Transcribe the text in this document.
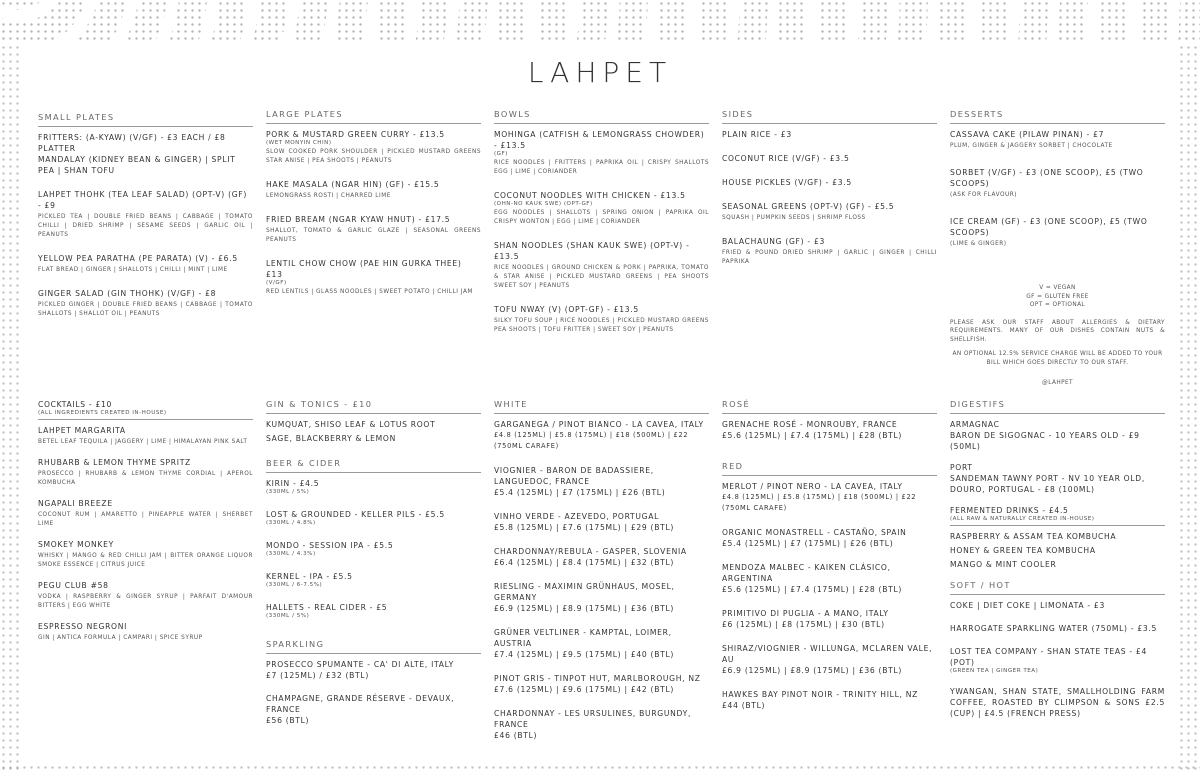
LAHPET
SMALL PLATES
FRITTERS: (A-KYAW) (V/GF) - £3 EACH / £8 PLATTER
MANDALAY (KIDNEY BEAN & GINGER) | SPLIT PEA | SHAN TOFU
LAHPET THOHK (TEA LEAF SALAD) (OPT-V) (GF) - £9
PICKLED TEA | DOUBLE FRIED BEANS | CABBAGE | TOMATO CHILLI | DRIED SHRIMP | SESAME SEEDS | GARLIC OIL | PEANUTS
YELLOW PEA PARATHA (PE PARATA) (V) - £6.5
FLAT BREAD | GINGER | SHALLOTS | CHILLI | MINT | LIME
GINGER SALAD (GIN THOHK) (V/GF) - £8
PICKLED GINGER | DOUBLE FRIED BEANS | CABBAGE | TOMATO SHALLOTS | SHALLOT OIL | PEANUTS
LARGE PLATES
PORK & MUSTARD GREEN CURRY - £13.5
(WET MONYIN CHIN)
SLOW COOKED PORK SHOULDER | PICKLED MUSTARD GREENS STAR ANISE | PEA SHOOTS | PEANUTS
HAKE MASALA (NGAR HIN) (GF) - £15.5
LEMONGRASS ROSTI | CHARRED LIME
FRIED BREAM (NGAR KYAW HNUT) - £17.5
SHALLOT, TOMATO & GARLIC GLAZE | SEASONAL GREENS PEANUTS
LENTIL CHOW CHOW (PAE HIN GURKA THEE) £13
(V/GF)
RED LENTILS | GLASS NOODLES | SWEET POTATO | CHILLI JAM
BOWLS
MOHINGA (CATFISH & LEMONGRASS CHOWDER) - £13.5
(GF)
RICE NOODLES | FRITTERS | PAPRIKA OIL | CRISPY SHALLOTS EGG | LIME | CORIANDER
COCONUT NOODLES WITH CHICKEN - £13.5
(OHN-NO KAUK SWE) (OPT-GF)
EGG NOODLES | SHALLOTS | SPRING ONION | PAPRIKA OIL CRISPY WONTON | EGG | LIME | CORIANDER
SHAN NOODLES (SHAN KAUK SWE) (OPT-V) - £13.5
RICE NOODLES | GROUND CHICKEN & PORK | PAPRIKA, TOMATO & STAR ANISE | PICKLED MUSTARD GREENS | PEA SHOOTS SWEET SOY | PEANUTS
TOFU NWAY (V) (OPT-GF) - £13.5
SILKY TOFU SOUP | RICE NOODLES | PICKLED MUSTARD GREENS PEA SHOOTS | TOFU FRITTER | SWEET SOY | PEANUTS
SIDES
PLAIN RICE - £3
COCONUT RICE (V/GF) - £3.5
HOUSE PICKLES (V/GF) - £3.5
SEASONAL GREENS (OPT-V) (GF) - £5.5
SQUASH | PUMPKIN SEEDS | SHRIMP FLOSS
BALACHAUNG (GF) - £3
FRIED & POUND DRIED SHRIMP | GARLIC | GINGER | CHILLI PAPRIKA
DESSERTS
CASSAVA CAKE (PILAW PINAN) - £7
PLUM, GINGER & JAGGERY SORBET | CHOCOLATE
SORBET (V/GF) - £3 (ONE SCOOP), £5 (TWO SCOOPS)
(ASK FOR FLAVOUR)
ICE CREAM (GF) - £3 (ONE SCOOP), £5 (TWO SCOOPS)
(LIME & GINGER)
V = VEGAN
GF = GLUTEN FREE
OPT = OPTIONAL
PLEASE ASK OUR STAFF ABOUT ALLERGIES & DIETARY REQUIREMENTS. MANY OF OUR DISHES CONTAIN NUTS & SHELLFISH.
AN OPTIONAL 12.5% SERVICE CHARGE WILL BE ADDED TO YOUR BILL WHICH GOES DIRECTLY TO OUR STAFF.
@LAHPET
COCKTAILS - £10
(ALL INGREDIENTS CREATED IN-HOUSE)
LAHPET MARGARITA
BETEL LEAF TEQUILA | JAGGERY | LIME | HIMALAYAN PINK SALT
RHUBARB & LEMON THYME SPRITZ
PROSECCO | RHUBARB & LEMON THYME CORDIAL | APEROL KOMBUCHA
NGAPALI BREEZE
COCONUT RUM | AMARETTO | PINEAPPLE WATER | SHERBET LIME
SMOKEY MONKEY
WHISKY | MANGO & RED CHILLI JAM | BITTER ORANGE LIQUOR SMOKE ESSENCE | CITRUS JUICE
PEGU CLUB #58
VODKA | RASPBERRY & GINGER SYRUP | PARFAIT D'AMOUR BITTERS | EGG WHITE
ESPRESSO NEGRONI
GIN | ANTICA FORMULA | CAMPARI | SPICE SYRUP
GIN & TONICS - £10
KUMQUAT, SHISO LEAF & LOTUS ROOT
SAGE, BLACKBERRY & LEMON
BEER & CIDER
KIRIN - £4.5
(330ML / 5%)
LOST & GROUNDED - KELLER PILS - £5.5
(330ML / 4.8%)
MONDO - SESSION IPA - £5.5
(330ML / 4.3%)
KERNEL - IPA - £5.5
(330ML / 6-7.5%)
HALLETS - REAL CIDER - £5
(330ML / 5%)
SPARKLING
PROSECCO SPUMANTE - CA' DI ALTE, ITALY
£7 (125ML) / £32 (BTL)
CHAMPAGNE, GRANDE RÉSERVE - DEVAUX, FRANCE
£56 (BTL)
WHITE
GARGANEGA / PINOT BIANCO - LA CAVEA, ITALY
£4.8 (125ML) | £5.8 (175ML) | £18 (500ML) | £22 (750ML CARAFE)
VIOGNIER - BARON DE BADASSIERE, LANGUEDOC, FRANCE
£5.4 (125ML) | £7 (175ML) | £26 (BTL)
VINHO VERDE - AZEVEDO, PORTUGAL
£5.8 (125ML) | £7.6 (175ML) | £29 (BTL)
CHARDONNAY/REBULA - GASPER, SLOVENIA
£6.4 (125ML) | £8.4 (175ML) | £32 (BTL)
RIESLING - MAXIMIN GRÜNHAUS, MOSEL, GERMANY
£6.9 (125ML) | £8.9 (175ML) | £36 (BTL)
GRÜNER VELTLINER - KAMPTAL, LOIMER, AUSTRIA
£7.4 (125ML) | £9.5 (175ML) | £40 (BTL)
PINOT GRIS - TINPOT HUT, MARLBOROUGH, NZ
£7.6 (125ML) | £9.6 (175ML) | £42 (BTL)
CHARDONNAY - LES URSULINES, BURGUNDY, FRANCE
£46 (BTL)
ROSÉ
GRENACHE ROSÉ - MONROUBY, FRANCE
£5.6 (125ML) | £7.4 (175ML) | £28 (BTL)
RED
MERLOT / PINOT NERO - LA CAVEA, ITALY
£4.8 (125ML) | £5.8 (175ML) | £18 (500ML) | £22 (750ML CARAFE)
ORGANIC MONASTRELL - CASTAÑO, SPAIN
£5.4 (125ML) | £7 (175ML) | £26 (BTL)
MENDOZA MALBEC - KAIKEN CLÁSICO, ARGENTINA
£5.6 (125ML) | £7.4 (175ML) | £28 (BTL)
PRIMITIVO DI PUGLIA - A MANO, ITALY
£6 (125ML) | £8 (175ML) | £30 (BTL)
SHIRAZ/VIOGNIER - WILLUNGA, MCLAREN VALE, AU
£6.9 (125ML) | £8.9 (175ML) | £36 (BTL)
HAWKES BAY PINOT NOIR - TRINITY HILL, NZ
£44 (BTL)
DIGESTIFS
ARMAGNAC
BARON DE SIGOGNAC - 10 YEARS OLD - £9 (50ML)
PORT
SANDEMAN TAWNY PORT - NV 10 YEAR OLD, DOURO, PORTUGAL - £8 (100ML)
FERMENTED DRINKS - £4.5
(ALL RAW & NATURALLY CREATED IN-HOUSE)
RASPBERRY & ASSAM TEA KOMBUCHA
HONEY & GREEN TEA KOMBUCHA
MANGO & MINT COOLER
SOFT / HOT
COKE | DIET COKE | LIMONATA - £3
HARROGATE SPARKLING WATER (750ML) - £3.5
LOST TEA COMPANY - SHAN STATE TEAS - £4 (POT)
(GREEN TEA | GINGER TEA)
YWANGAN, SHAN STATE, SMALLHOLDING FARM COFFEE, ROASTED BY CLIMPSON & SONS £2.5 (CUP) | £4.5 (FRENCH PRESS)
